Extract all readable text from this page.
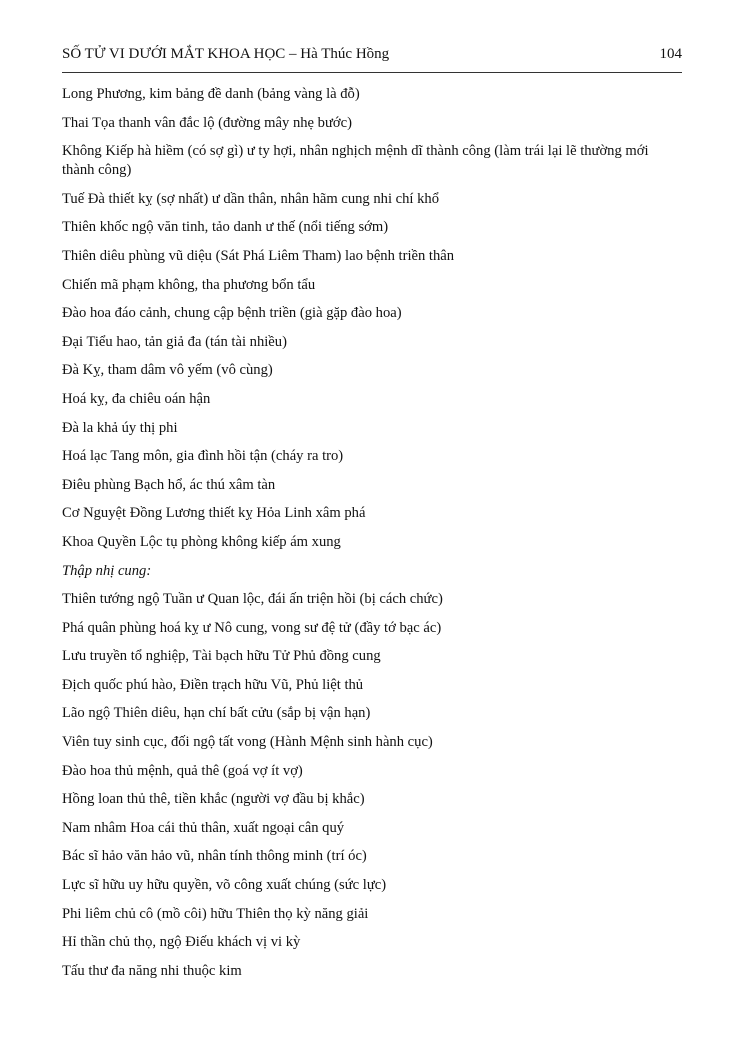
SỐ TỬ VI DƯỚI MẮT KHOA HỌC – Hà Thúc Hồng	104
Long Phương, kim bảng đề danh (bảng vàng là đỗ)
Thai Tọa thanh vân đắc lộ (đường mây nhẹ bước)
Không Kiếp hà hiềm (có sợ gì) ư ty hợi, nhân nghịch mệnh dĩ thành công (làm trái lại lẽ thường mới thành công)
Tuế Đà thiết kỵ (sợ nhất) ư dần thân, nhân hãm cung nhi chí khổ
Thiên khốc ngộ văn tinh, tảo danh ư thế (nổi tiếng sớm)
Thiên diêu phùng vũ diệu (Sát Phá Liêm Tham) lao bệnh triền thân
Chiến mã phạm không, tha phương bổn tẩu
Đào hoa đáo cảnh, chung cập bệnh triền (già gặp đào hoa)
Đại Tiểu hao, tản giả đa (tán tài nhiều)
Đà Kỵ, tham dâm vô yếm (vô cùng)
Hoá kỵ, đa chiêu oán hận
Đà la khả úy thị phi
Hoá lạc Tang môn, gia đình hồi tận (cháy ra tro)
Điêu phùng Bạch hổ, ác thú xâm tàn
Cơ Nguyệt Đồng Lương thiết kỵ Hỏa Linh xâm phá
Khoa Quyền Lộc tụ phòng không kiếp ám xung
Thập nhị cung:
Thiên tướng ngộ Tuần ư Quan lộc, đái ấn triện hồi (bị cách chức)
Phá quân phùng hoá kỵ ư Nô cung, vong sư đệ tử (đầy tớ bạc ác)
Lưu truyền tổ nghiệp, Tài bạch hữu Tử Phủ đồng cung
Địch quốc phú hào, Điền trạch hữu Vũ, Phủ liệt thủ
Lão ngộ Thiên diêu, hạn chí bất cửu (sắp bị vận hạn)
Viên tuy sinh cục, đối ngộ tất vong (Hành Mệnh sinh hành cục)
Đào hoa thủ mệnh, quả thê (goá vợ ít vợ)
Hồng loan thủ thê, tiền khắc (người vợ đầu bị khắc)
Nam nhâm Hoa cái thủ thân, xuất ngoại cân quý
Bác sĩ hảo văn hảo vũ, nhân tính thông minh (trí óc)
Lực sĩ hữu uy hữu quyền, võ công xuất chúng (sức lực)
Phi liêm chủ cô (mồ côi) hữu Thiên thọ kỳ năng giải
Hỉ thần chủ thọ, ngộ Điếu khách vị vi kỳ
Tấu thư đa năng nhi thuộc kim
